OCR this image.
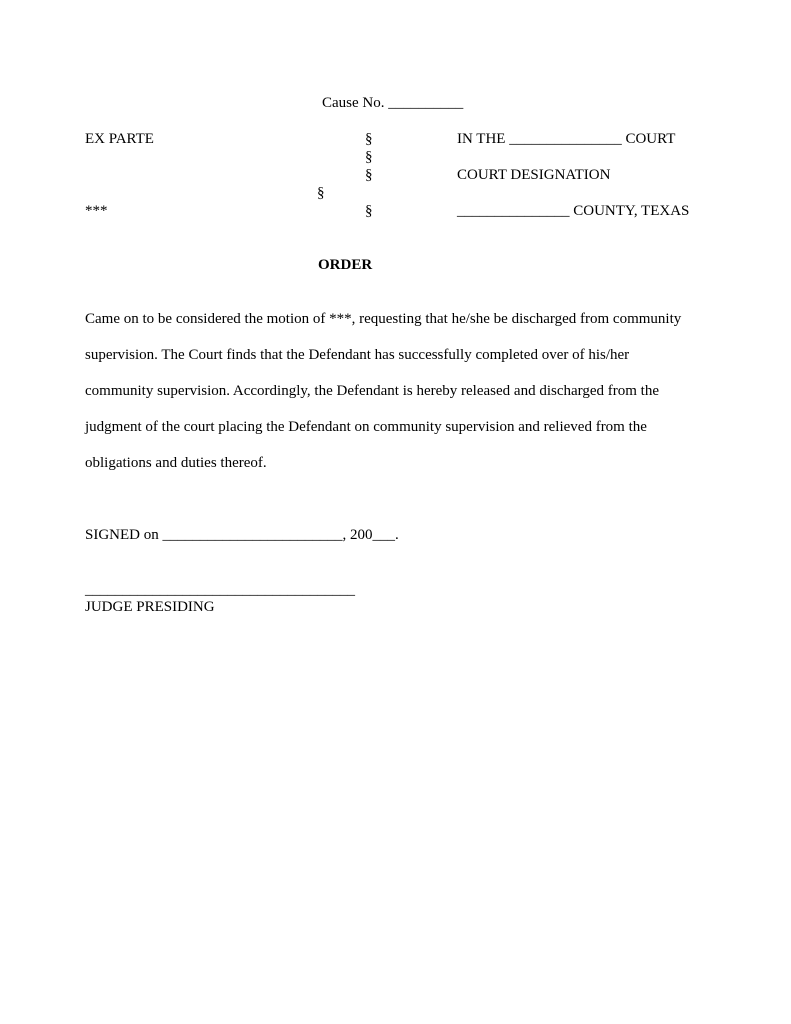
Cause No. __________
EX PARTE	§	IN THE _______________ COURT
§
§	COURT DESIGNATION
§
***	§	_______________ COUNTY, TEXAS
ORDER
Came on to be considered the motion of ***, requesting that he/she be discharged from community
supervision. The Court finds that the Defendant has successfully completed over of his/her
community supervision. Accordingly, the Defendant is hereby released and discharged from the
judgment of the court placing the Defendant on community supervision and relieved from the
obligations and duties thereof.
SIGNED on ________________________, 200___.
____________________________________
JUDGE PRESIDING
